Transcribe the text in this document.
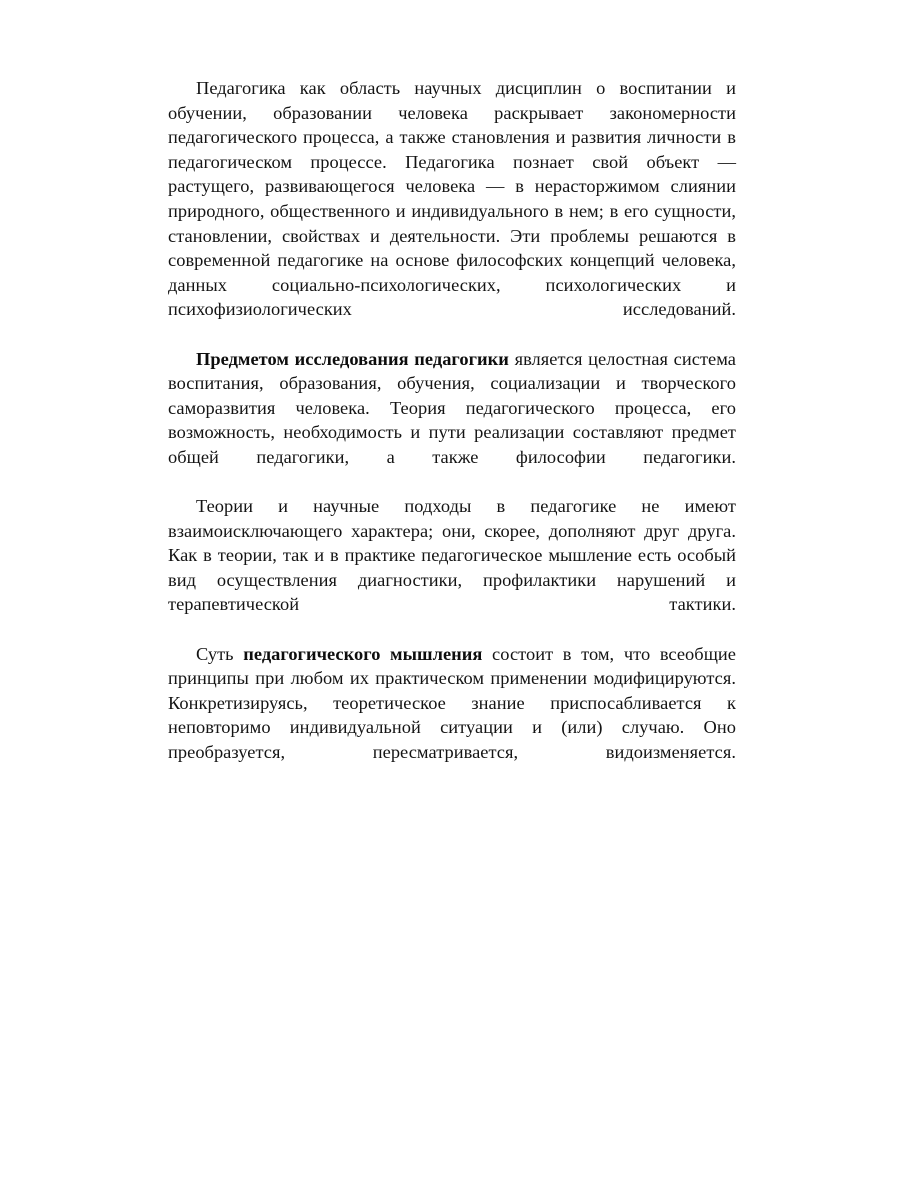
Педагогика как область научных дисциплин о воспитании и обучении, образовании человека раскрывает закономерности педагогического процесса, а также становления и развития личности в педагогическом процессе. Педагогика познает свой объект — растущего, развивающегося человека — в нерасторжимом слиянии природного, общественного и индивидуального в нем; в его сущности, становлении, свойствах и деятельности. Эти проблемы решаются в современной педагогике на основе философских концепций человека, данных социально-психологических, психологических и психофизиологических исследований.

Предметом исследования педагогики является целостная система воспитания, образования, обучения, социализации и творческого саморазвития человека. Теория педагогического процесса, его возможность, необходимость и пути реализации составляют предмет общей педагогики, а также философии педагогики.

Теории и научные подходы в педагогике не имеют взаимоисключающего характера; они, скорее, дополняют друг друга. Как в теории, так и в практике педагогическое мышление есть особый вид осуществления диагностики, профилактики нарушений и терапевтической тактики.

Суть педагогического мышления состоит в том, что всеобщие принципы при любом их практическом применении модифицируются. Конкретизируясь, теоретическое знание приспосабливается к неповторимо индивидуальной ситуации и (или) случаю. Оно преобразуется, пересматривается, видоизменяется.
